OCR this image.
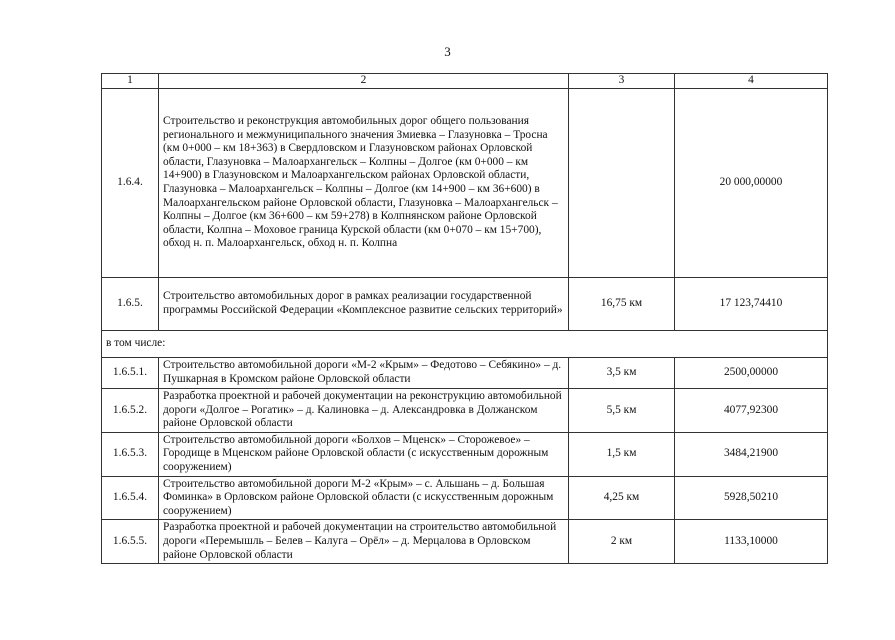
3
1	2	3	4
1.6.4.	Строительство и реконструкция автомобильных дорог общего пользования регионального и межмуниципального значения Змиевка – Глазуновка – Тросна (км 0+000 – км 18+363) в Свердловском и Глазуновском районах Орловской области, Глазуновка – Малоархангельск – Колпны – Долгое (км 0+000 – км 14+900) в Глазуновском и Малоархангельском районах Орловской области, Глазуновка – Малоархангельск – Колпны – Долгое (км 14+900 – км 36+600) в Малоархангельском районе Орловской области, Глазуновка – Малоархангельск – Колпны – Долгое (км 36+600 – км 59+278) в Колпнянском районе Орловской области, Колпна – Моховое граница Курской области (км 0+070 – км 15+700), обход н. п. Малоархангельск, обход н. п. Колпна		20 000,00000
1.6.5.	Строительство автомобильных дорог в рамках реализации государственной программы Российской Федерации «Комплексное развитие сельских территорий»	16,75 км	17 123,74410
в том числе:			
1.6.5.1.	Строительство автомобильной дороги «М-2 «Крым» – Федотово – Себякино» – д. Пушкарная в Кромском районе Орловской области	3,5 км	2500,00000
1.6.5.2.	Разработка проектной и рабочей документации на реконструкцию автомобильной дороги «Долгое – Рогатик» – д. Калиновка – д. Александровка в Должанском районе Орловской области	5,5 км	4077,92300
1.6.5.3.	Строительство автомобильной дороги «Болхов – Мценск» – Сторожевое» – Городище в Мценском районе Орловской области (с искусственным дорожным сооружением)	1,5 км	3484,21900
1.6.5.4.	Строительство автомобильной дороги М-2 «Крым» – с. Альшань – д. Большая Фоминка» в Орловском районе Орловской области (с искусственным дорожным сооружением)	4,25 км	5928,50210
1.6.5.5.	Разработка проектной и рабочей документации на строительство автомобильной дороги «Перемышль – Белев – Калуга – Орёл» – д. Мерцалова в Орловском районе Орловской области	2 км	1133,10000
